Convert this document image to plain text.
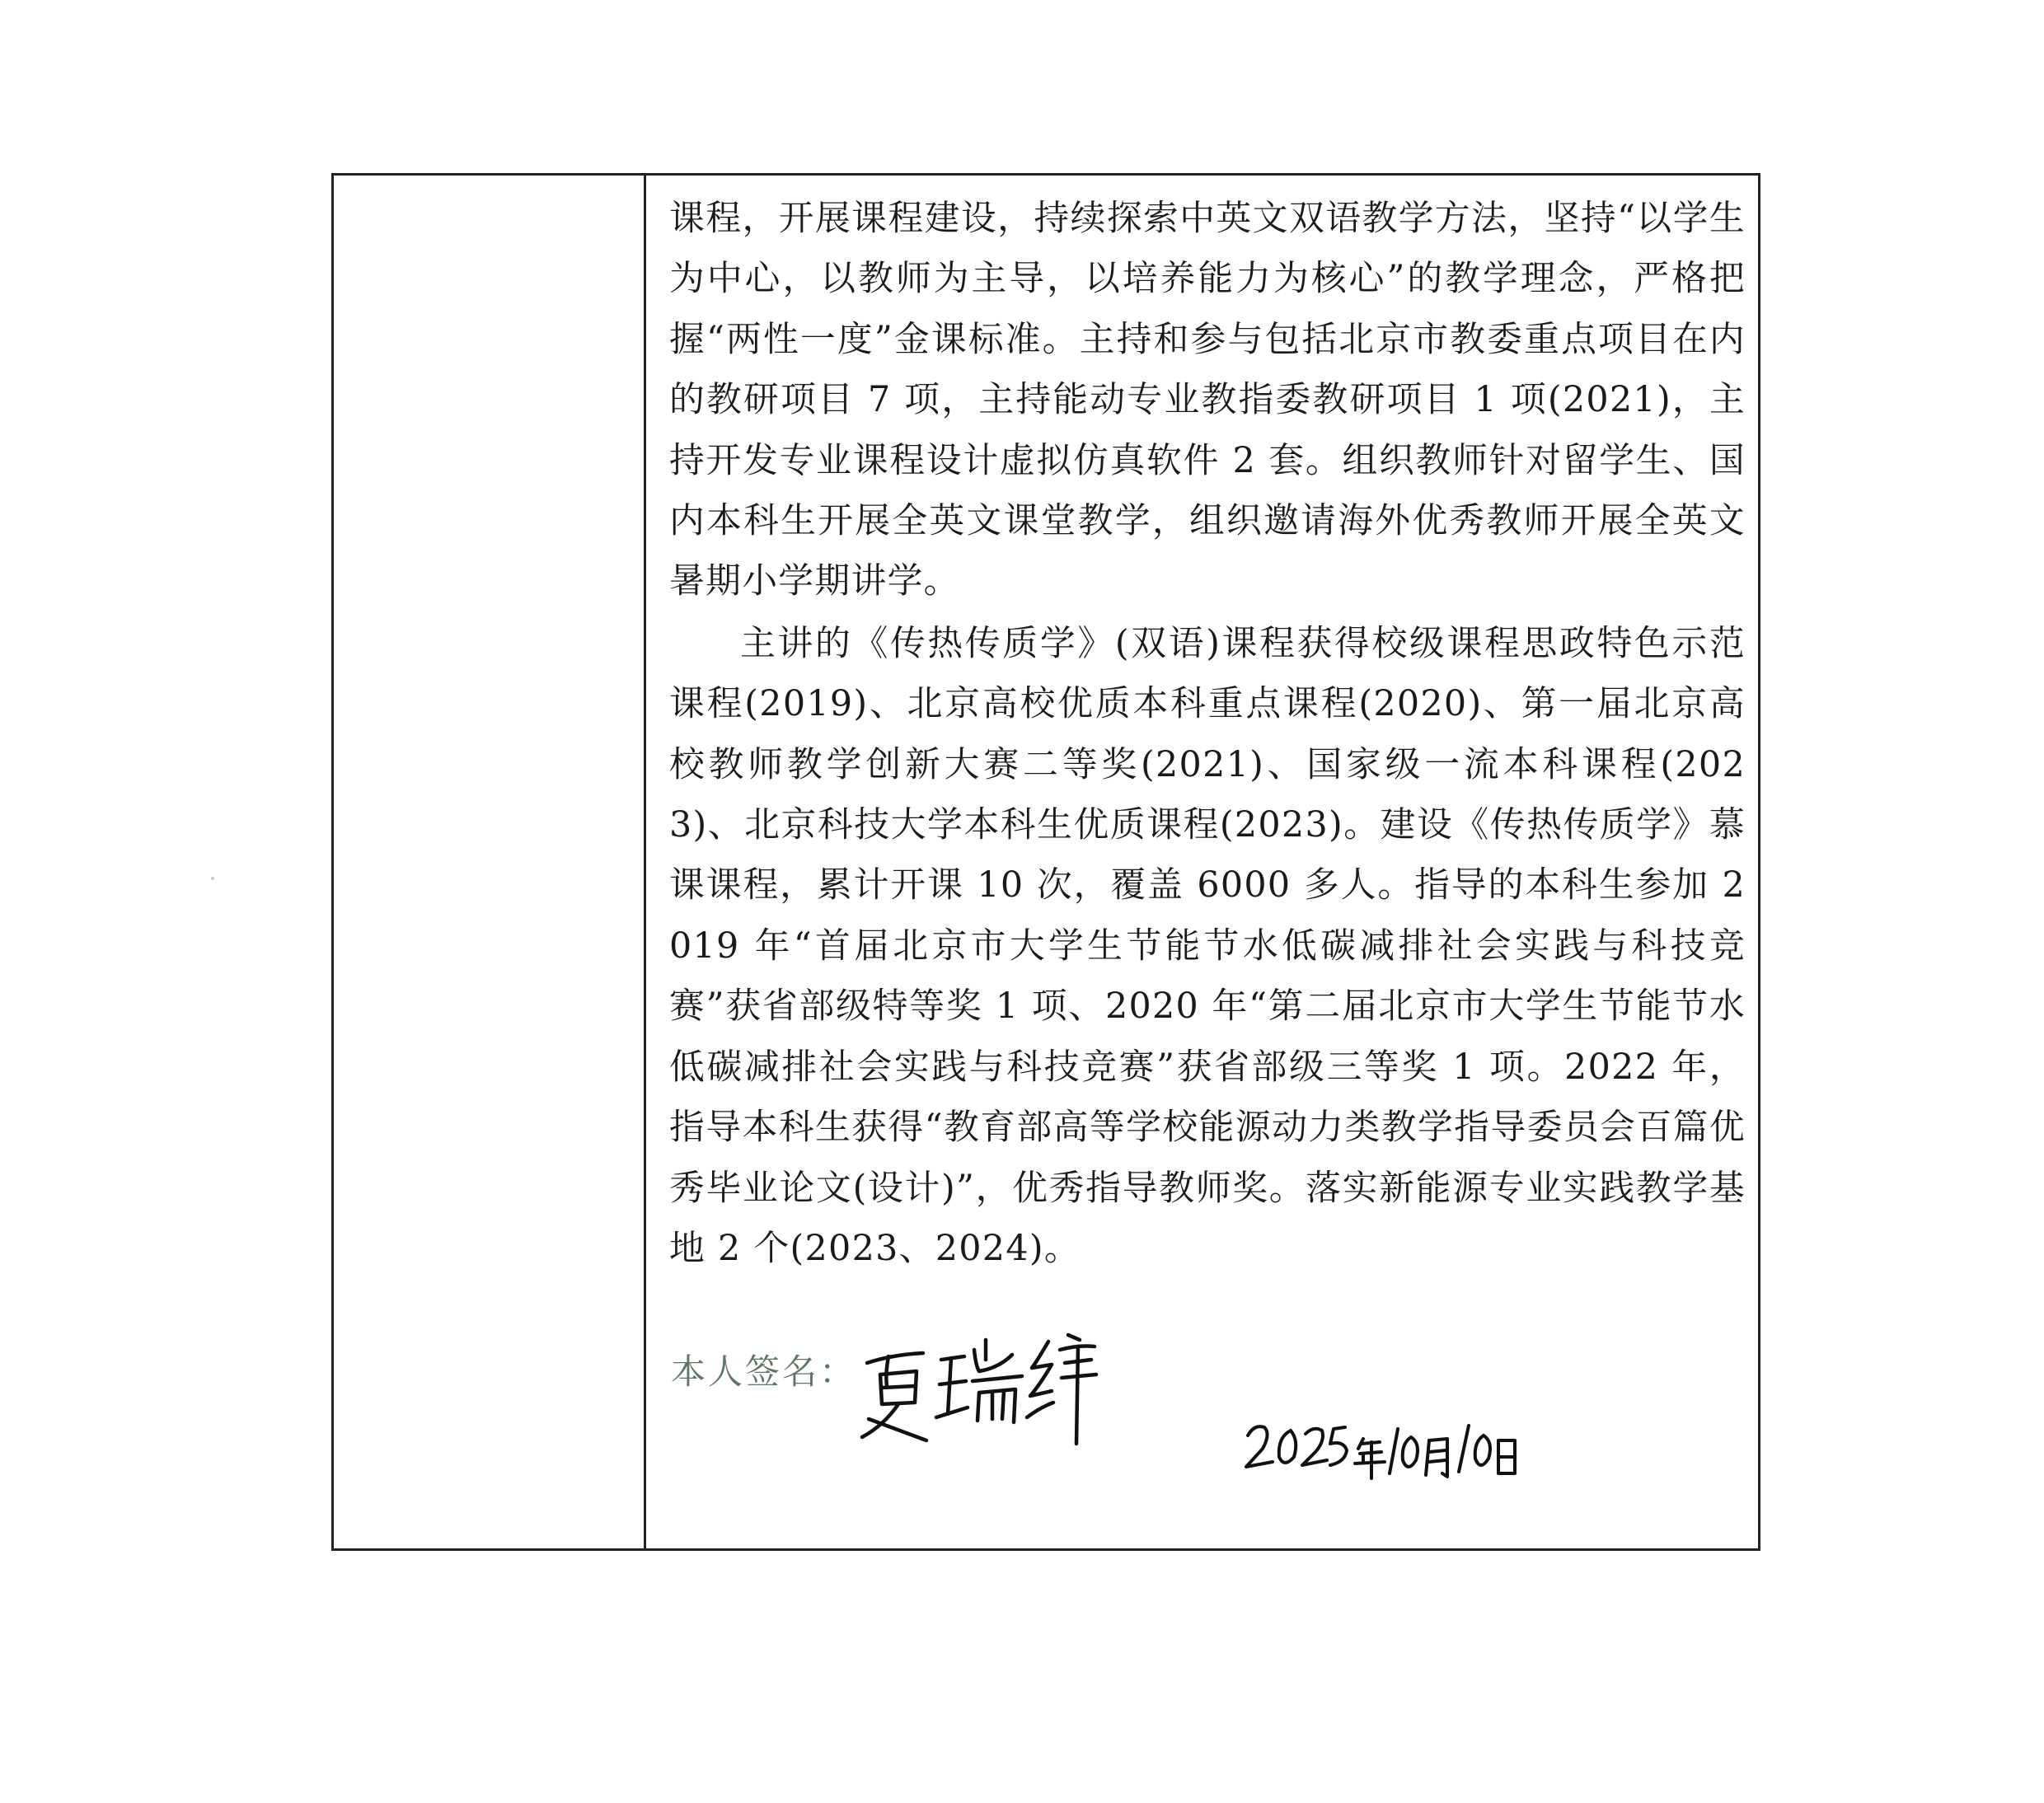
课程，开展课程建设，持续探索中英文双语教学方法，坚持“以学生为中心，以教师为主导，以培养能力为核心”的教学理念，严格把握“两性一度”金课标准。主持和参与包括北京市教委重点项目在内的教研项目 7 项，主持能动专业教指委教研项目 1 项(2021)，主持开发专业课程设计虚拟仿真软件 2 套。组织教师针对留学生、国内本科生开展全英文课堂教学，组织邀请海外优秀教师开展全英文暑期小学期讲学。

主讲的《传热传质学》(双语)课程获得校级课程思政特色示范课程(2019)、北京高校优质本科重点课程(2020)、第一届北京高校教师教学创新大赛二等奖(2021)、国家级一流本科课程(2023)、北京科技大学本科生优质课程(2023)。建设《传热传质学》慕课课程，累计开课 10 次，覆盖 6000 多人。指导的本科生参加 2019 年“首届北京市大学生节能节水低碳减排社会实践与科技竞赛”获省部级特等奖 1 项、2020 年“第二届北京市大学生节能节水低碳减排社会实践与科技竞赛”获省部级三等奖 1 项。2022 年，指导本科生获得“教育部高等学校能源动力类教学指导委员会百篇优秀毕业论文(设计)”，优秀指导教师奖。落实新能源专业实践教学基地 2 个(2023、2024)。

本人签名：
